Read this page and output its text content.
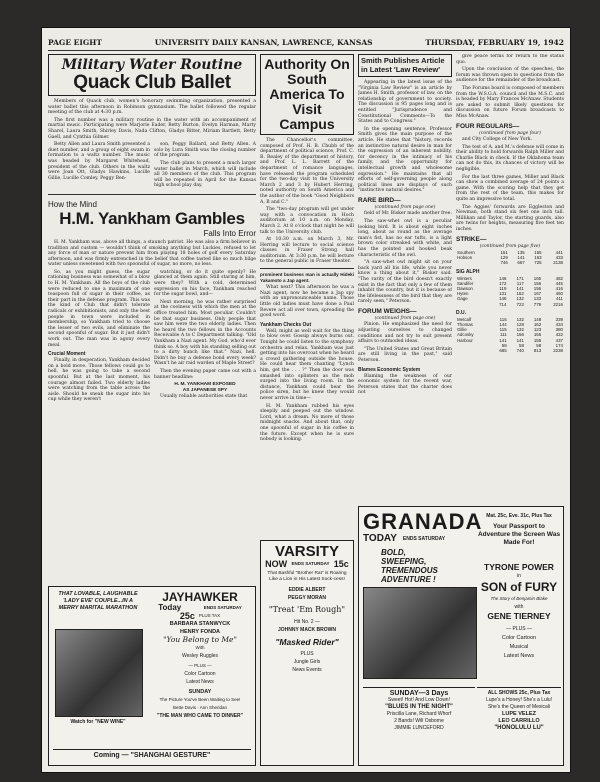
PAGE EIGHT	UNIVERSITY DAILY KANSAN, LAWRENCE, KANSAS	THURSDAY, FEBRUARY 19, 1942
Military Water Routine
Quack Club Ballet

Members of Quack club, women's honorary swimming organization, presented a water ballet this afternoon in Robinson gymnasium. The ballet followed the regular meeting of the club at 4:30 p.m.

The first number was a military routine in the water with an accompaniment of martial music. Participating were Marjorie Eader, Betty Burton, Evelyn Harman, Marty Sharel, Laura Smith, Shirley Davis, Nada Clifton, Gladys Bitter, Miriam Bartlett, Betty Gaell, and Cynthia Gilmer.

Betty Allen and Laura Smith presented a duet number, and a group of eight swam in formation to a waltz number. The music was headed by Margaret Whitehead, president of the club. Others in the waltz were Joan Ott, Gladys Hawkins, Lucille Gillie, Lucille Comley, Peggy Ben-

son, Peggy Ballard, and Betty Allen. A solo by Lura Smith was the closing number of the program.

The club plans to present a much larger water ballet in March, which will include all 30 members of the club. This program will be repeated in April for the Kansas high school play day.

How the Mind
H.M. Yankham Gambles
Falls Into Error

H. M. Yankham was, above all things, a staunch patriot. He was also a firm believer in tradition and custom — wouldn't think of smoking anything but Luckies, refused to let any force of man or nature prevent him from playing 18 holes of golf every Saturday afternoon, and was firmly entrenched in the belief that coffee tasted like so much bilge water unless sweetened with two spoonsful of sugar, no more, no less.

So, as you might guess, the sugar rationing business was somewhat of a blow to H. M. Yankham. All the boys of the club were reduced to one a maximum of one teaspoon full of sugar in their coffee, as their part in the defense program. This was the kind of Club that didn't tolerate radicals or exhibitionists, and only the best people in town were included in membership, so Yankham tried to choose the lesser of two evils, and eliminate the second spoonful of sugar. But it just didn't work out. The man was in agony every meal.

Crucial Moment

Finally, in desperation, Yankham decided on a bold move. Those fellows could go to hell, he was going to take a second spoonful. But at the last moment, his courage almost failed. Two elderly ladies were watching from the table across the aisle. Should he sneak the sugar into his cup while they weren't

watching, or do it quite openly? He glanced at them again. Still staring at him, were they? With a cold, determined expression on his face, Yankham reached for the sugar bowl, and—

Next morning, he was rather surprised at the coolness with which the men at the office treated him. Most peculiar. Couldn't be that sugar business. Only people that saw him were the two elderly ladies. Then he heard the two fellows in the Accounts Receivable A to C Department talking. "Old Yankham a Nazi agent. My God, who'd ever think so. A boy with his standing selling out to a dirty bunch like that." Nazi, hell. Didn't he buy a defense bond every week? Wasn't he air raid warden of Maple Street?

Then the evening paper came out with a banner headline:

H. M. YANKHAM EXPOSED
AS JAPANESE SPY

Usually reliable authorities state that

Authority On South America To Visit Campus

The Chancellor's committee, composed of Prof. H. B. Chubb of the department of political science, Prof. C. B. Realey of the department of history, and Prof. L. L. Barrett of the department of romance languages, have released the program scheduled for the two-day visit to the University March 2 and 3 by Hubert Herring, noted authority on South America and the author of the book "Good Neighbors A, B and C."

The "two-day program will get under way with a convocation in Hoch auditorium at 10 a.m. on Monday, March 2. At 8 o'clock that night he will talk to the University club.

At 10:30 a.m. on March 3, Mr. Herring will lecture to social science classes in Fraser Strong hall auditorium. At 3:30 p.m. he will lecture to the general public in Fraser theater.

prominent business man is actually Hideki Yakamoto a Jap agent.

What next? This afternoon he was a Nazi agent, now he became a Jap spy with an unpronounceable name. Those little old ladies must have done a Paul Revere act all over town, spreading the good word.

Yankham Checks Out

Well, might as well wait for the thing to blow over. Gossip always burns out. Tonight he could listen to the symphony orchestra and relax. Yankham was just getting into his overcoat when he heard a crowd gathering outside the house. He could hear them chanting "Lynch him, get the . . . ?" Then the door was smashed into splinters as the mob surged into the living room. In the distance, Yankham could hear the police siren, but he knew they would never arrive in time—

H. M. Yankham rubbed his eyes sleepily and peeped out the window. Lord, what a dream. No more of those midnight snacks. And about that, only one spoonful of sugar in his coffee in the future. Except when he is sure nobody is looking.

Smith Publishes Article in Latest 'Law Review'

Appearing in the latest issue of the "Virginia Law Review" is an article by James H. Smith, professor of law, on the relationship of government to society. The discussion is 95 pages long and is entitled "Jurisprudence and Constitutional Comments—To the States and to Congress."

In the opening sentence, Professor Smith gives the main purpose of the article. He states that "history, records an instinctive natural desire in man for the expression of an inherent nobility, for decency in the intimacy of his family, and the opportunity for intellectual growth and wholesome expression." He maintains that all efforts of self-governing people along political lines are displays of such "instinctive natural desires."

RARE BIRD—
(continued from page one)

field of Mr. Bisker made another free.

The saw-whet owl is a peculiar looking bird. It is about eight inches long, about as round as the average man's fist, has no ear tufts, is a light brown color streaked with white, and has the pointed and hooked beak characteristic of the owl.

"A saw-whet owl might sit on your back yard all his life, while you never know a thing about it," Bisker said. "The rarity of the bird doesn't exactly exist in the fact that only a few of them inhabit the country, but it is because of the lifelessness of the bird that they are rarely seen," Peterson.

FORUM WEIGHS—
(continued from page one)

Pinion. He emphasized the need for adjusting ourselves to changed conditions and not try to suit present affairs to outmoded ideas.

"The United States and Great Britain are still living in the past," said Peterson.

Blames Economic System

Blaming the weakness of our economic system for the recent war, Peterson states that the charter does not

give peace terms for return to the status quo.

Upon the conclusion of the speeches, the forum was thrown open to questions from the audience for the remainder of the broadcast.

The Forums board is composed of members from the W.S.G.A. council and the M.S.C. and is headed by Mary Frances McAnaw. Students are asked to submit likely questions for discussion on future Forum broadcasts to Miss McAnaw.

FOUR REGULARS—
(continued from page four)

and City College of New York.

The test of A. and M.'s defense will come in their ability to hold forwards Ralph Miller and Charlie Black in check. If the Oklahoma team can not do this, its chances of victory will be negligible.

For the last three games, Miller and Black can show a combined average of 24 points a game. With the scoring help that they get from the rest of the team, this makes for quite an impressive total.

The Aggies' forwards are Eggleston and Newman, both stand six feet one inch tall. Millikan and Taylor, the starting guards, also are twins for heights, measuring five feet ten inches.

STRIKE—
(continued from page five)
Southern	151	135	155	441
Hobson	129	141	163	433
	746	667	725	2138
SIG ALPH
Winters	146	171	165	482
Sandifer	172	117	156	445
Dawson	119	141	156	416
Hyten	131	162	167	460
Gage	146	132	133	411
	714	723	779	2216
D.U.
Metcalf	116	132	148	339
Thomas	144	128	162	434
Gillie	115	132	123	380
Adcosky	111	156	155	422
Harbour	141	141	155	437

	58	58	58	174
	685	740	813	2238
GRANADA
TODAY ENDS SATURDAY
BOLD, SWEEPING, TREMENDOUS ADVENTURE !
Mat. 25c, Eve. 31c, Plus Tax
Your Passport to Adventure the Screen Was Made For!
TYRONE POWER
in
SON of FURY
The Story of Benjamin Blake
with
GENE TIERNEY
— PLUS —
Color Cartoon
Musical
Latest News
SUNDAY—3 Days
Sweet! Hot! And Low Down!
"BLUES IN THE NIGHT"
Priscilla Lane, Richard Whorf
2 Bands! Will Osborne
JIMMIE LUNCEFORD
ALL SHOWS 25c, Plus Tax
Lupe's a Honey! She's a Lulu!
She's the Queen of Mexicali
LUPE VELEZ
LEO CARRILLO
"HONOLULU LU"
VARSITY
NOW ENDS SATURDAY 15c
That Bashful "Brother Rat" is Roaring Like a Lion in His Latest Sock-cess!
EDDIE ALBERT
PEGGY MORAN
"Treat 'Em Rough"
Hit No. 2 —
JOHNNY MACK BROWN
"Masked Rider"
PLUS
Jungle Girls
News Events
THAT LOVABLE, LAUGHABLE 'LADY EVE' COUPLE...IN A MERRY MARITAL MARATHON
Watch for "NEW WINE"
JAYHAWKER
Today	ENDS SATURDAY
25c PLUS TAX
BARBARA STANWYCK
HENRY FONDA
"You Belong to Me"
With
Wesley Ruggles
— PLUS —
Color Cartoon
Latest News
SUNDAY
The Picture You've Been Waiting to See!
Bette Davis · Ann Sheridan
"THE MAN WHO CAME TO DINNER"
Coming — "SHANGHAI GESTURE"
